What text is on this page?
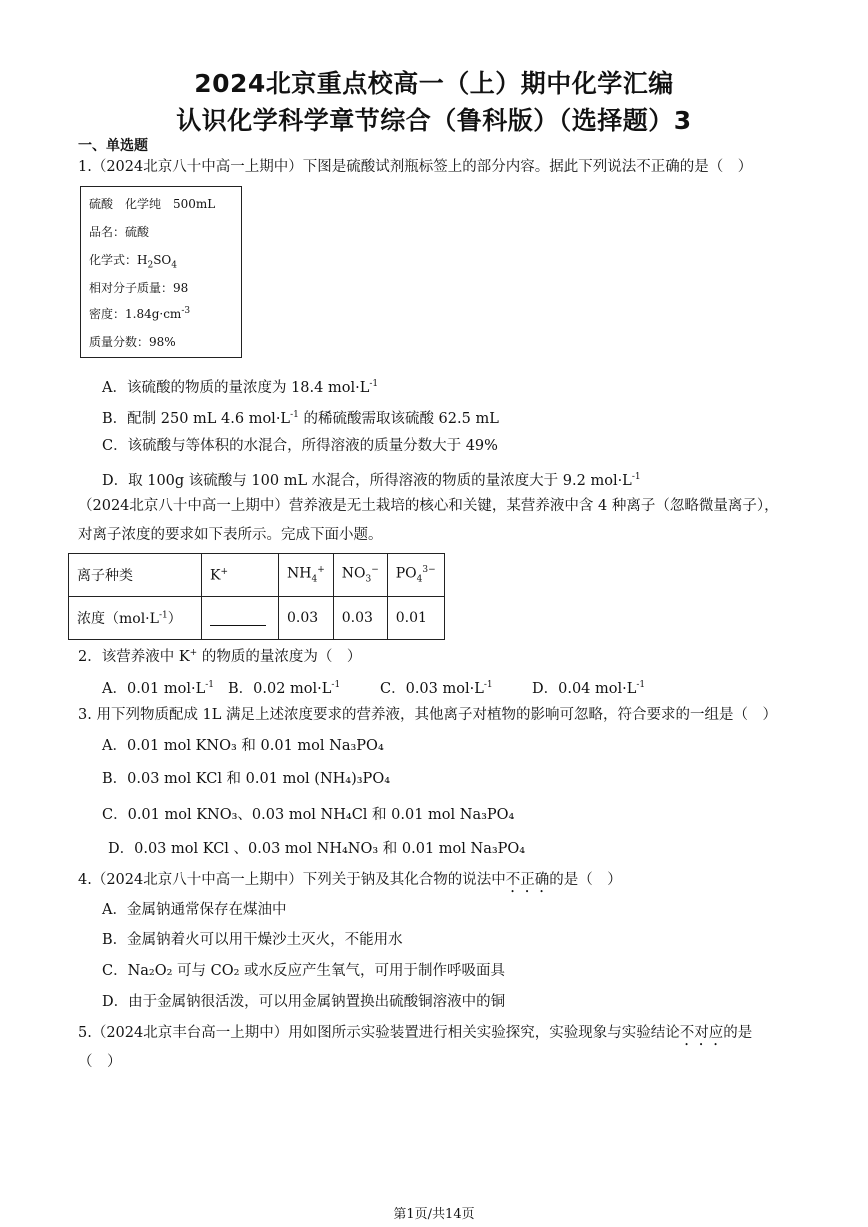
2024北京重点校高一（上）期中化学汇编
认识化学科学章节综合（鲁科版）（选择题）3
一、单选题
1.（2024北京八十中高一上期中）下图是硫酸试剂瓶标签上的部分内容。据此下列说法不正确的是（　）
硫酸　化学纯　500mL
品名：硫酸
化学式：$H_2SO_4$
相对分子质量：98
密度：$1.84g\cdot cm^{-3}$
质量分数：98%
A．该硫酸的物质的量浓度为 18.4 $mol\cdot L^{-1}$
B．配制 250 mL 4.6 $mol\cdot L^{-1}$ 的稀硫酸需取该硫酸 62.5 mL
C．该硫酸与等体积的水混合，所得溶液的质量分数大于 49%
D．取 100g 该硫酸与 100 mL 水混合，所得溶液的物质的量浓度大于 9.2 $mol\cdot L^{-1}$
（2024北京八十中高一上期中）营养液是无土栽培的核心和关键，某营养液中含 4 种离子（忽略微量离子），
对离子浓度的要求如下表所示。完成下面小题。
离子种类	K+	$NH_4^+$	$NO_3^-$	$PO_4^{3-}$
浓度$(mol\cdot L^{-1})$		0.03	0.03	0.01
2．该营养液中 K+ 的物质的量浓度为（　）
A．0.01 $mol\cdot L^{-1}$ B．0.02 $mol\cdot L^{-1}$	C．0.03 $mol\cdot L^{-1}$	D．0.04 $mol\cdot L^{-1}$
3. 用下列物质配成 1L 满足上述浓度要求的营养液，其他离子对植物的影响可忽略，符合要求的一组是（　）
A．0.01 mol KNO₃ 和 0.01 mol Na₃PO₄
B．0.03 mol KCl 和 0.01 mol (NH₄)₃PO₄
C．0.01 mol KNO₃、0.03 mol NH₄Cl 和 0.01 mol Na₃PO₄
D．0.03 mol KCl 、0.03 mol NH₄NO₃ 和 0.01 mol Na₃PO₄
4.（2024北京八十中高一上期中）下列关于钠及其化合物的说法中不正确的是（　）
A．金属钠通常保存在煤油中
B．金属钠着火可以用干燥沙土灭火，不能用水
C．Na₂O₂ 可与 CO₂ 或水反应产生氧气，可用于制作呼吸面具
D．由于金属钠很活泼，可以用金属钠置换出硫酸铜溶液中的铜
5.（2024北京丰台高一上期中）用如图所示实验装置进行相关实验探究，实验现象与实验结论不对应的是
（　）
第1页/共14页
